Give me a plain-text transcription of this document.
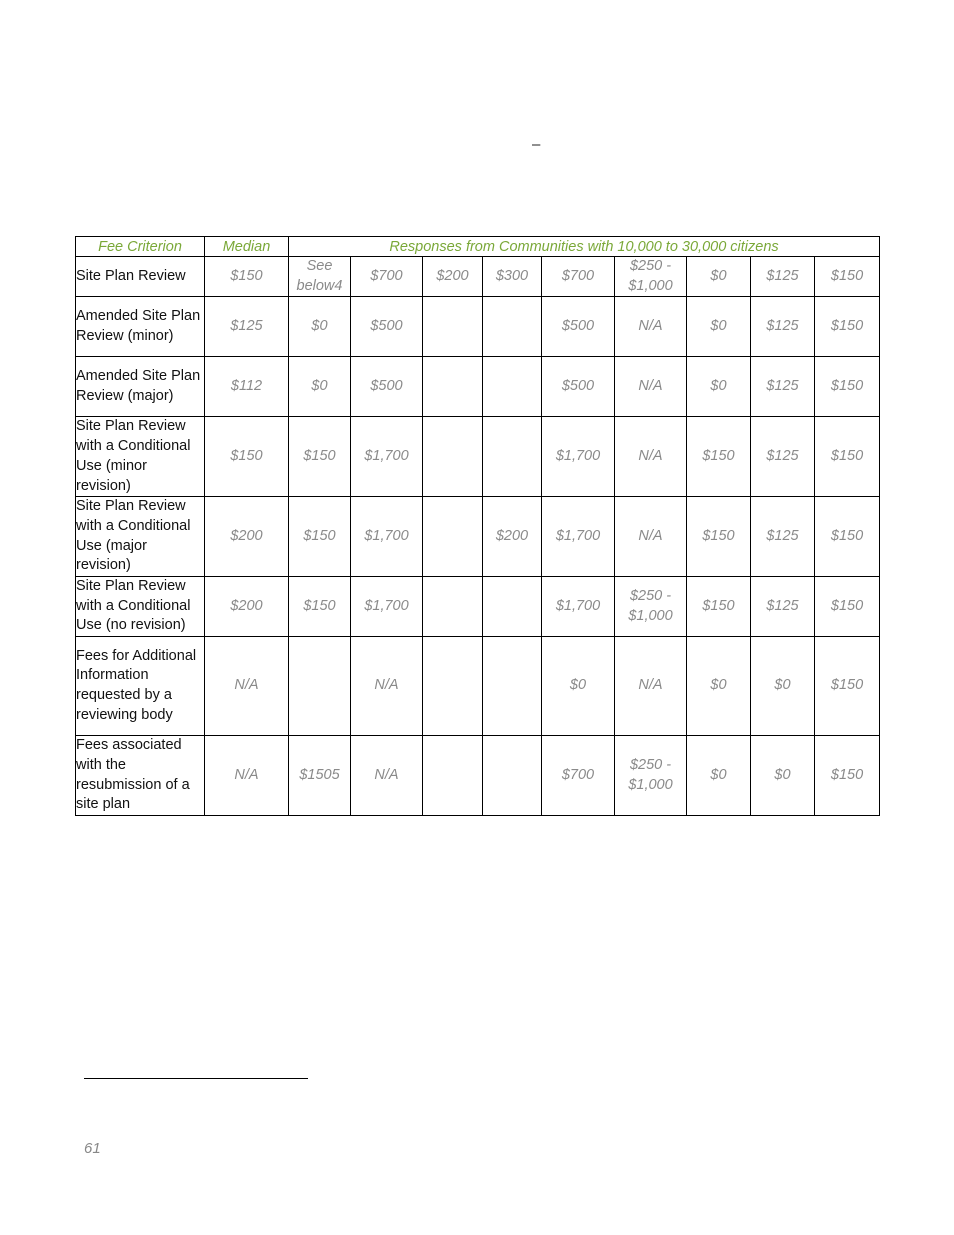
–
Fee Criterion	Median	Responses from Communities with 10,000 to 30,000 citizens								
Site Plan Review	$150	See below4	$700	$200	$300	$700	$250 - $1,000	$0	$125	$150
Amended Site Plan Review (minor)	$125	$0	$500			$500	N/A	$0	$125	$150
Amended Site Plan Review (major)	$112	$0	$500			$500	N/A	$0	$125	$150
Site Plan Review with a Conditional Use (minor revision)	$150	$150	$1,700			$1,700	N/A	$150	$125	$150
Site Plan Review with a Conditional Use (major revision)	$200	$150	$1,700		$200	$1,700	N/A	$150	$125	$150
Site Plan Review with a Conditional Use (no revision)	$200	$150	$1,700			$1,700	$250 - $1,000	$150	$125	$150
Fees for Additional Information requested by a reviewing body	N/A		N/A			$0	N/A	$0	$0	$150
Fees associated with the resubmission of a site plan	N/A	$1505	N/A			$700	$250 - $1,000	$0	$0	$150
61
